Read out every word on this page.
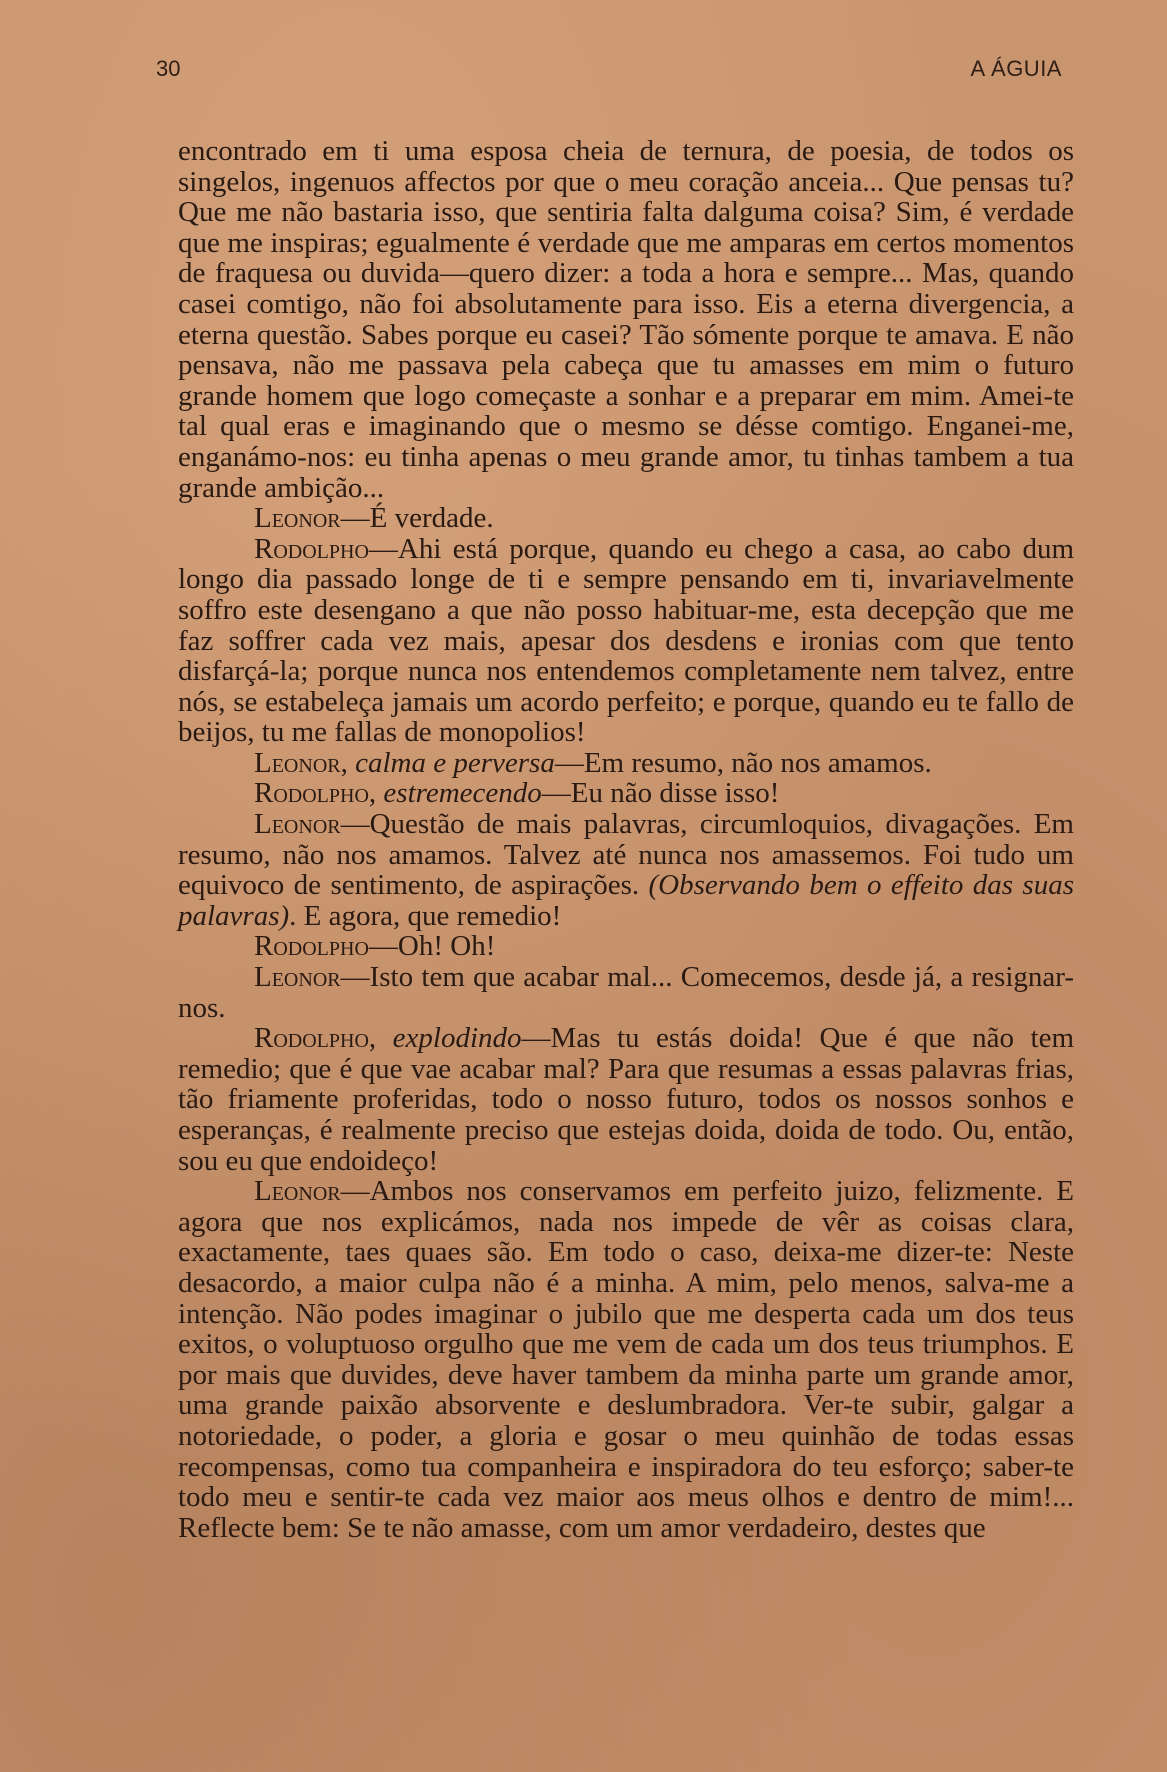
30	A ÁGUIA

encontrado em ti uma esposa cheia de ternura, de poesia, de todos os singelos, ingenuos affectos por que o meu coração anceia... Que pensas tu? Que me não bastaria isso, que sentiria falta dalguma coisa? Sim, é verdade que me inspiras; egualmente é verdade que me amparas em certos momentos de fraquesa ou duvida—quero dizer: a toda a hora e sempre... Mas, quando casei comtigo, não foi absolutamente para isso. Eis a eterna divergencia, a eterna questão. Sabes porque eu casei? Tão sómente porque te amava. E não pensava, não me passava pela cabeça que tu amasses em mim o futuro grande homem que logo começaste a sonhar e a preparar em mim. Amei-te tal qual eras e imaginando que o mesmo se désse comtigo. Enganei-me, enganámo-nos: eu tinha apenas o meu grande amor, tu tinhas tambem a tua grande ambição...

Leonor—É verdade.

Rodolpho—Ahi está porque, quando eu chego a casa, ao cabo dum longo dia passado longe de ti e sempre pensando em ti, invariavelmente soffro este desengano a que não posso habituar-me, esta decepção que me faz soffrer cada vez mais, apesar dos desdens e ironias com que tento disfarçá-la; porque nunca nos entendemos completamente nem talvez, entre nós, se estabeleça jamais um acordo perfeito; e porque, quando eu te fallo de beijos, tu me fallas de monopolios!

Leonor, calma e perversa—Em resumo, não nos amamos.

Rodolpho, estremecendo—Eu não disse isso!

Leonor—Questão de mais palavras, circumloquios, divagações. Em resumo, não nos amamos. Talvez até nunca nos amassemos. Foi tudo um equivoco de sentimento, de aspirações. (Observando bem o effeito das suas palavras). E agora, que remedio!

Rodolpho—Oh! Oh!

Leonor—Isto tem que acabar mal... Comecemos, desde já, a resignar-nos.

Rodolpho, explodindo—Mas tu estás doida! Que é que não tem remedio; que é que vae acabar mal? Para que resumas a essas palavras frias, tão friamente proferidas, todo o nosso futuro, todos os nossos sonhos e esperanças, é realmente preciso que estejas doida, doida de todo. Ou, então, sou eu que endoideço!

Leonor—Ambos nos conservamos em perfeito juizo, felizmente. E agora que nos explicámos, nada nos impede de vêr as coisas clara, exactamente, taes quaes são. Em todo o caso, deixa-me dizer-te: Neste desacordo, a maior culpa não é a minha. A mim, pelo menos, salva-me a intenção. Não podes imaginar o jubilo que me desperta cada um dos teus exitos, o voluptuoso orgulho que me vem de cada um dos teus triumphos. E por mais que duvides, deve haver tambem da minha parte um grande amor, uma grande paixão absorvente e deslumbradora. Ver-te subir, galgar a notoriedade, o poder, a gloria e gosar o meu quinhão de todas essas recompensas, como tua companheira e inspiradora do teu esforço; saber-te todo meu e sentir-te cada vez maior aos meus olhos e dentro de mim!... Reflecte bem: Se te não amasse, com um amor verdadeiro, destes que
